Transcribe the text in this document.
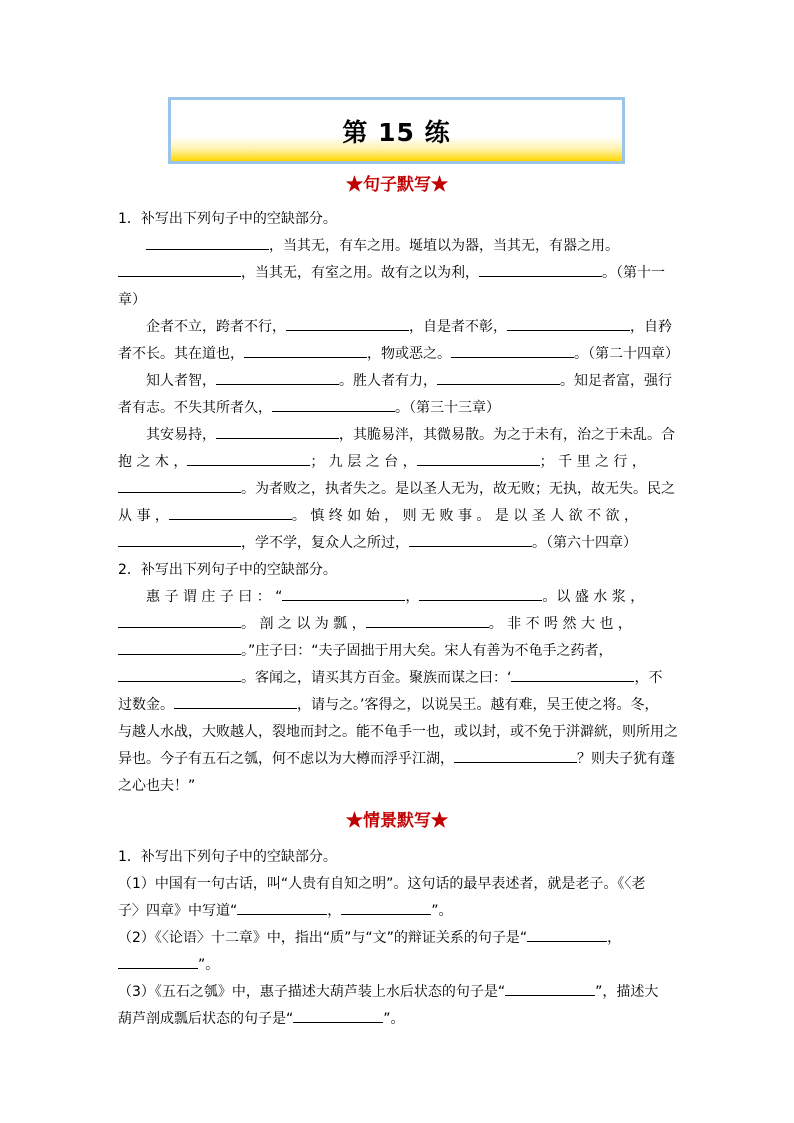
第 15 练
★句子默写★
1．补写出下列句子中的空缺部分。
，当其无，有车之用。埏埴以为器，当其无，有器之用。
，当其无，有室之用。故有之以为利，	。（第十一
章）
企者不立，跨者不行，	，自是者不彰，	，自矜
者不长。其在道也，	，物或恶之。	。（第二十四章）
知人者智，	。胜人者有力，	。知足者富，强行
者有志。不失其所者久，	。（第三十三章）
其安易持，	，其脆易泮，其微易散。为之于未有，治之于未乱。合
抱 之 木 ，	； 九 层 之 台 ，	； 千 里 之 行 ，
。为者败之，执者失之。是以圣人无为，故无败；无执，故无失。民之
从 事 ，	。 慎 终 如 始 ， 则 无 败 事 。 是 以 圣 人 欲 不 欲 ，
，学不学，复众人之所过，	。（第六十四章）
2．补写出下列句子中的空缺部分。
惠 子 谓 庄 子 曰 ： “	，	。以 盛 水 浆 ，
。 剖 之 以 为 瓢 ，	。 非 不 呺 然 大 也 ，
。”庄子曰：“夫子固拙于用大矣。宋人有善为不龟手之药者，
。客闻之，请买其方百金。聚族而谋之曰：‘	，不
过数金。	，请与之。’客得之，以说吴王。越有难，吴王使之将。冬，
与越人水战，大败越人，裂地而封之。能不龟手一也，或以封，或不免于洴澼絖，则所用之
异也。今子有五石之瓠，何不虑以为大樽而浮乎江湖，	？则夫子犹有蓬
之心也夫！”
★情景默写★
1．补写出下列句子中的空缺部分。
（1）中国有一句古话，叫“人贵有自知之明”。这句话的最早表述者，就是老子。《〈老
子〉四章》中写道“	，	”。
（2）《〈论语〉十二章》中，指出“质”与“文”的辩证关系的句子是“	，
”。
（3）《五石之瓠》中，惠子描述大葫芦装上水后状态的句子是“	”，描述大
葫芦剖成瓢后状态的句子是“	”。
